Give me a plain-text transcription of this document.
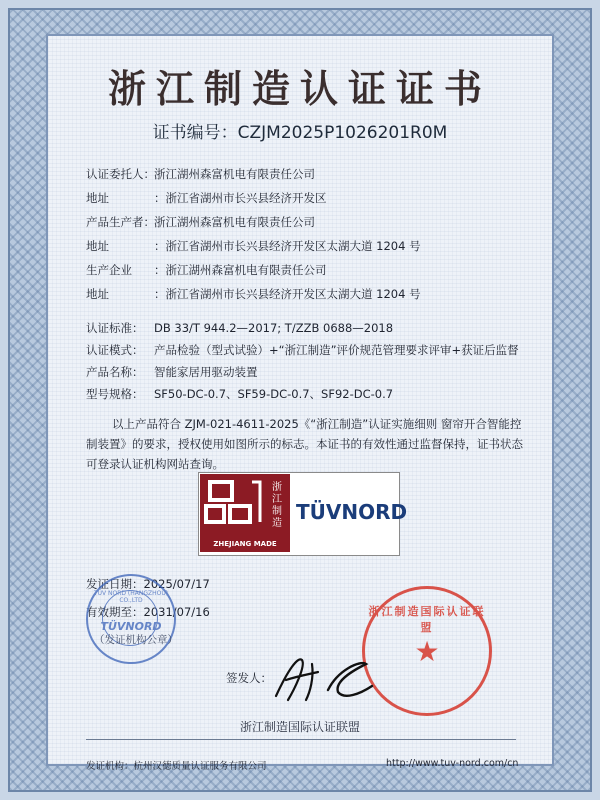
浙江制造认证证书
证书编号：CZJM2025P1026201R0M
认证委托人：浙江湖州森富机电有限责任公司
地址	：浙江省湖州市长兴县经济开发区
产品生产者：浙江湖州森富机电有限责任公司
地址	：浙江省湖州市长兴县经济开发区太湖大道 1204 号
生产企业 ：浙江湖州森富机电有限责任公司
地址	：浙江省湖州市长兴县经济开发区太湖大道 1204 号
认证标准： DB 33/T 944.2—2017; T/ZZB 0688—2018
认证模式： 产品检验（型式试验）+“浙江制造”评价规范管理要求评审+获证后监督
产品名称： 智能家居用驱动装置
型号规格： SF50-DC-0.7、SF59-DC-0.7、SF92-DC-0.7
以上产品符合 ZJM-021-4611-2025《“浙江制造”认证实施细则 窗帘开合智能控制装置》的要求，授权使用如图所示的标志。本证书的有效性通过监督保持，证书状态可登录认证机构网站查询。
浙江制造
ZHEJIANG MADE
TÜVNORD
发证日期：2025/07/17
有效期至：2031/07/16
TÜV NORD (HANGZHOU) CO.,LTD
TÜVNORD
（发证机构公章）
浙江制造国际认证联盟
★
签发人：
浙江制造国际认证联盟
发证机构：杭州汉德质量认证服务有限公司	http://www.tuv-nord.com/cn
